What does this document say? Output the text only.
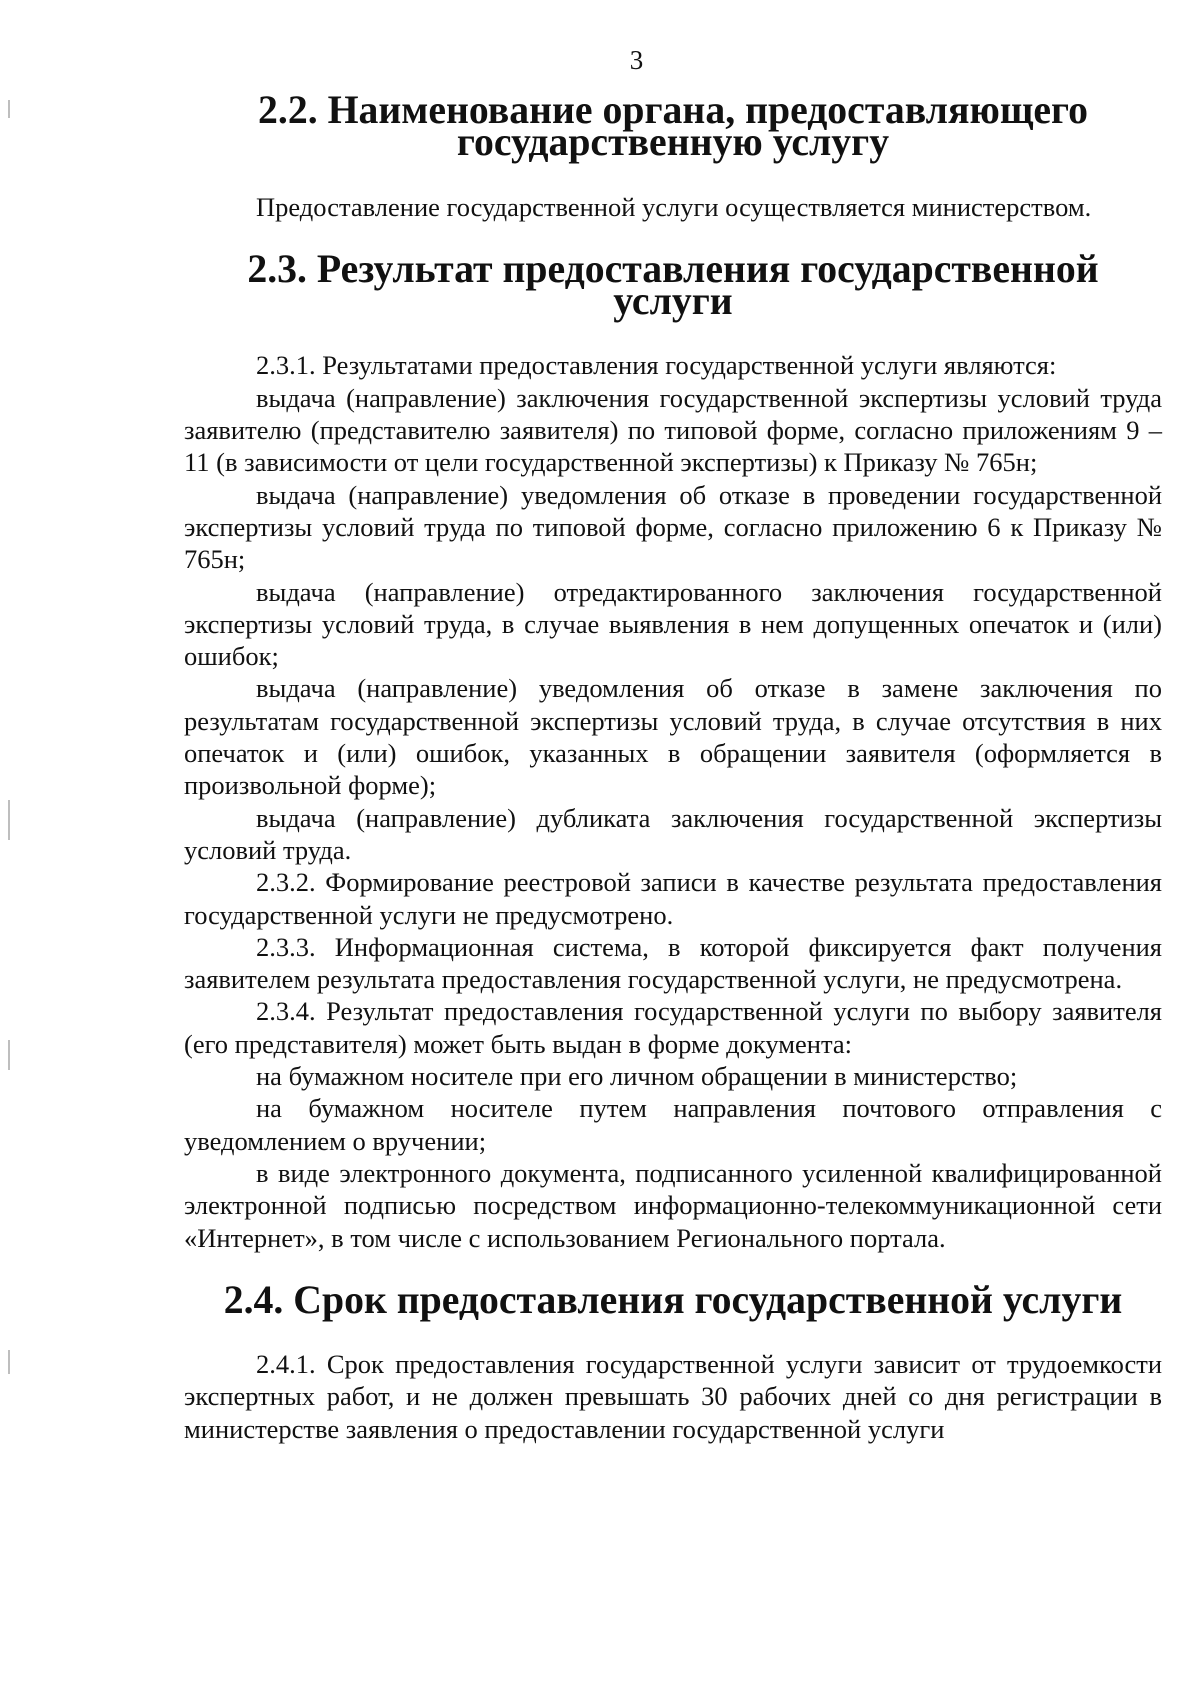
3
2.2. Наименование органа, предоставляющего
государственную услугу

Предоставление государственной услуги осуществляется министерством.

2.3. Результат предоставления государственной услуги

2.3.1. Результатами предоставления государственной услуги являются:

выдача (направление) заключения государственной экспертизы условий труда заявителю (представителю заявителя) по типовой форме, согласно приложениям 9 – 11 (в зависимости от цели государственной экспертизы) к Приказу № 765н;

выдача (направление) уведомления об отказе в проведении государственной экспертизы условий труда по типовой форме, согласно приложению 6 к Приказу № 765н;

выдача (направление) отредактированного заключения государственной экспертизы условий труда, в случае выявления в нем допущенных опечаток и (или) ошибок;

выдача (направление) уведомления об отказе в замене заключения по результатам государственной экспертизы условий труда, в случае отсутствия в них опечаток и (или) ошибок, указанных в обращении заявителя (оформляется в произвольной форме);

выдача (направление) дубликата заключения государственной экспертизы условий труда.

2.3.2. Формирование реестровой записи в качестве результата предоставления государственной услуги не предусмотрено.

2.3.3. Информационная система, в которой фиксируется факт получения заявителем результата предоставления государственной услуги, не предусмотрена.

2.3.4. Результат предоставления государственной услуги по выбору заявителя (его представителя) может быть выдан в форме документа:

на бумажном носителе при его личном обращении в министерство;

на бумажном носителе путем направления почтового отправления с уведомлением о вручении;

в виде электронного документа, подписанного усиленной квалифицированной электронной подписью посредством информационно-телекоммуникационной сети «Интернет», в том числе с использованием Регионального портала.

2.4. Срок предоставления государственной услуги

2.4.1. Срок предоставления государственной услуги зависит от трудоемкости экспертных работ, и не должен превышать 30 рабочих дней со дня регистрации в министерстве заявления о предоставлении государственной услуги
